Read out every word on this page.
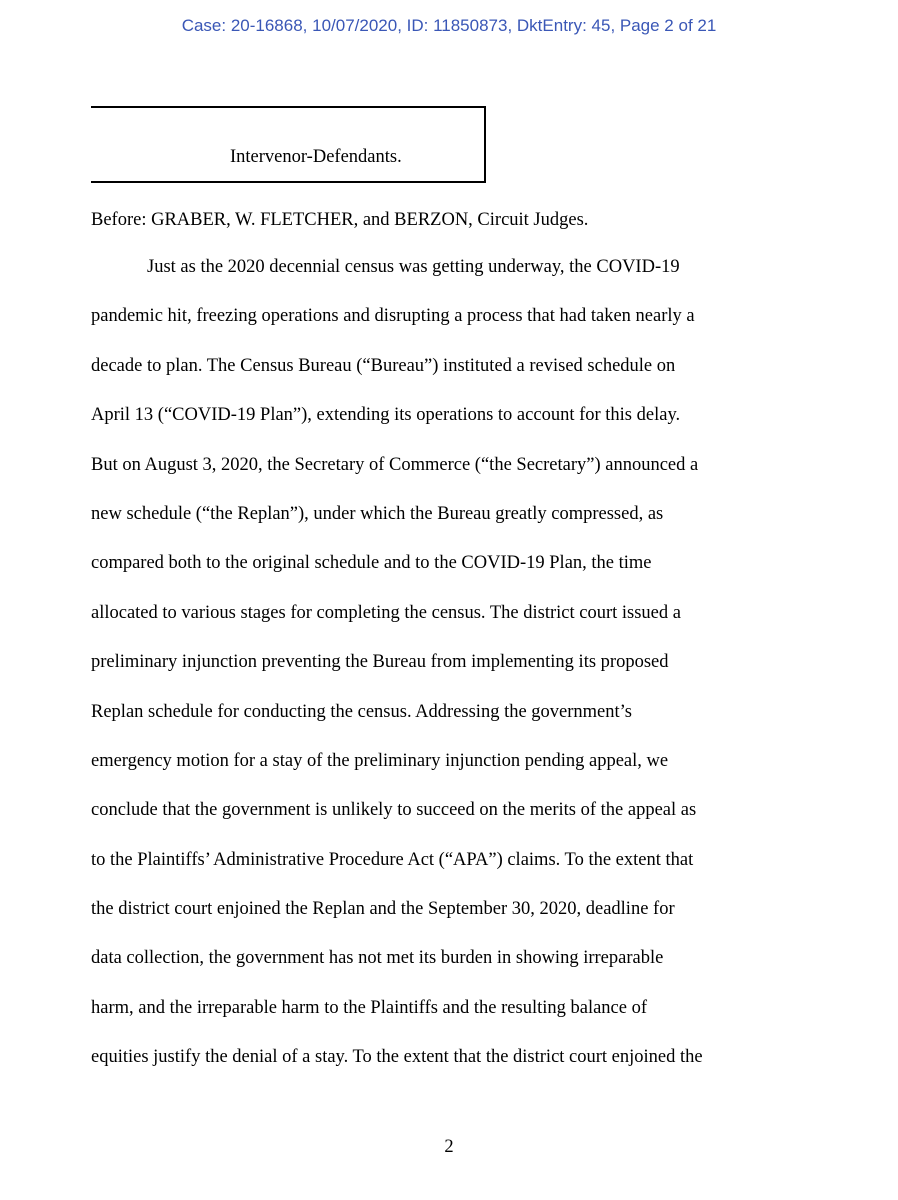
Case: 20-16868, 10/07/2020, ID: 11850873, DktEntry: 45, Page 2 of 21
Intervenor-Defendants.
Before: GRABER, W. FLETCHER, and BERZON, Circuit Judges.
Just as the 2020 decennial census was getting underway, the COVID-19
pandemic hit, freezing operations and disrupting a process that had taken nearly a
decade to plan. The Census Bureau (“Bureau”) instituted a revised schedule on
April 13 (“COVID-19 Plan”), extending its operations to account for this delay.
But on August 3, 2020, the Secretary of Commerce (“the Secretary”) announced a
new schedule (“the Replan”), under which the Bureau greatly compressed, as
compared both to the original schedule and to the COVID-19 Plan, the time
allocated to various stages for completing the census. The district court issued a
preliminary injunction preventing the Bureau from implementing its proposed
Replan schedule for conducting the census. Addressing the government’s
emergency motion for a stay of the preliminary injunction pending appeal, we
conclude that the government is unlikely to succeed on the merits of the appeal as
to the Plaintiffs’ Administrative Procedure Act (“APA”) claims. To the extent that
the district court enjoined the Replan and the September 30, 2020, deadline for
data collection, the government has not met its burden in showing irreparable
harm, and the irreparable harm to the Plaintiffs and the resulting balance of
equities justify the denial of a stay. To the extent that the district court enjoined the
2
